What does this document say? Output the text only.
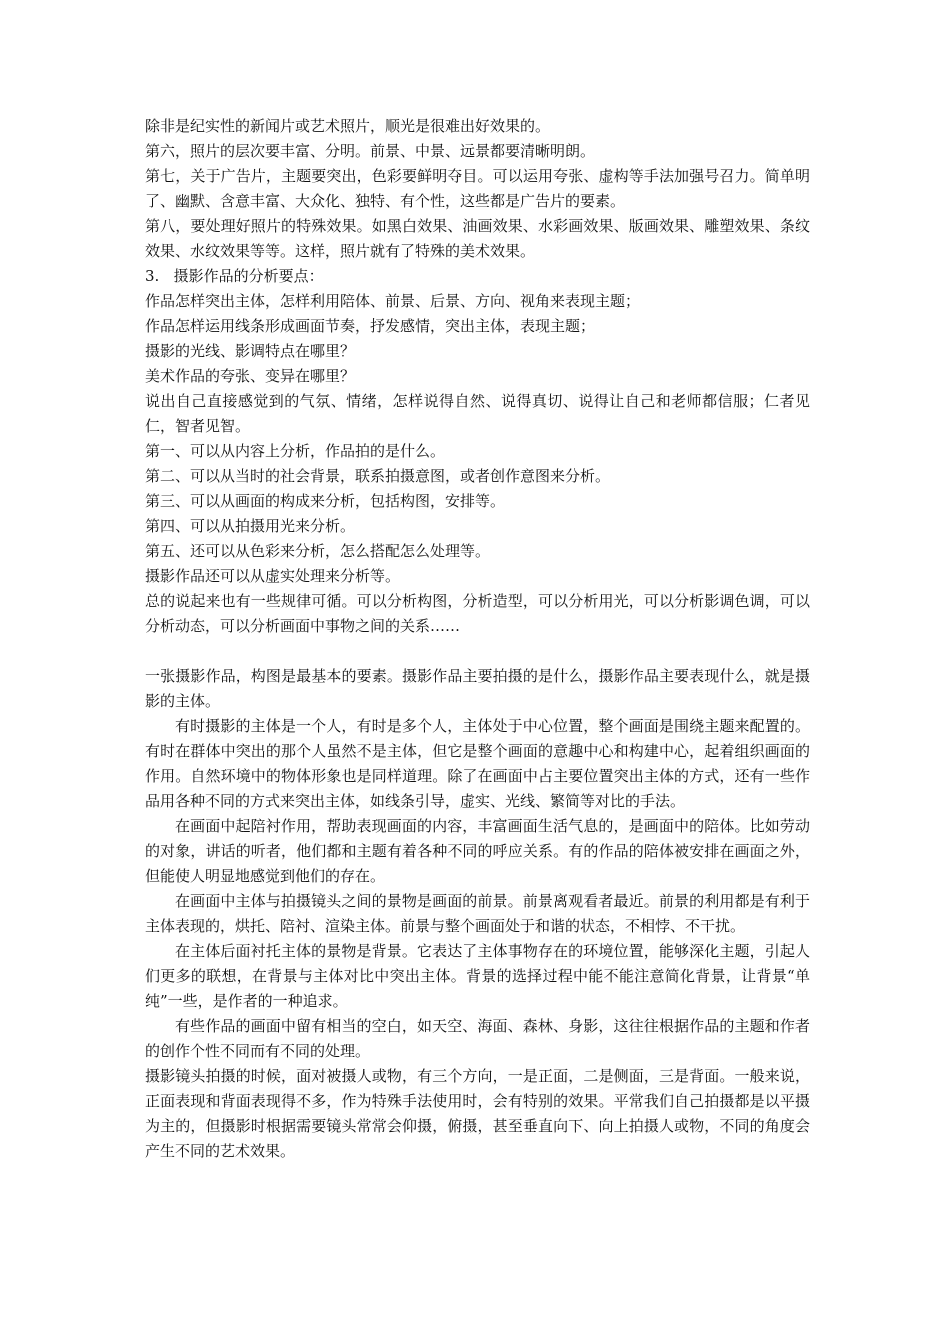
除非是纪实性的新闻片或艺术照片，顺光是很难出好效果的。

第六，照片的层次要丰富、分明。前景、中景、远景都要清晰明朗。

第七，关于广告片，主题要突出，色彩要鲜明夺目。可以运用夸张、虚构等手法加强号召力。简单明了、幽默、含意丰富、大众化、独特、有个性，这些都是广告片的要素。

第八，要处理好照片的特殊效果。如黑白效果、油画效果、水彩画效果、版画效果、雕塑效果、条纹效果、水纹效果等等。这样，照片就有了特殊的美术效果。

3.   摄影作品的分析要点：

作品怎样突出主体，怎样利用陪体、前景、后景、方向、视角来表现主题；

作品怎样运用线条形成画面节奏，抒发感情，突出主体，表现主题；

摄影的光线、影调特点在哪里？

美术作品的夸张、变异在哪里？

说出自己直接感觉到的气氛、情绪，怎样说得自然、说得真切、说得让自己和老师都信服；仁者见仁，智者见智。

第一、可以从内容上分析，作品拍的是什么。

第二、可以从当时的社会背景，联系拍摄意图，或者创作意图来分析。

第三、可以从画面的构成来分析，包括构图，安排等。

第四、可以从拍摄用光来分析。

第五、还可以从色彩来分析，怎么搭配怎么处理等。

摄影作品还可以从虚实处理来分析等。

总的说起来也有一些规律可循。可以分析构图，分析造型，可以分析用光，可以分析影调色调，可以分析动态，可以分析画面中事物之间的关系……

一张摄影作品，构图是最基本的要素。摄影作品主要拍摄的是什么，摄影作品主要表现什么，就是摄影的主体。

有时摄影的主体是一个人，有时是多个人，主体处于中心位置，整个画面是围绕主题来配置的。有时在群体中突出的那个人虽然不是主体，但它是整个画面的意趣中心和构建中心，起着组织画面的作用。自然环境中的物体形象也是同样道理。除了在画面中占主要位置突出主体的方式，还有一些作品用各种不同的方式来突出主体，如线条引导，虚实、光线、繁简等对比的手法。

在画面中起陪衬作用，帮助表现画面的内容，丰富画面生活气息的，是画面中的陪体。比如劳动的对象，讲话的听者，他们都和主题有着各种不同的呼应关系。有的作品的陪体被安排在画面之外，但能使人明显地感觉到他们的存在。

在画面中主体与拍摄镜头之间的景物是画面的前景。前景离观看者最近。前景的利用都是有利于主体表现的，烘托、陪衬、渲染主体。前景与整个画面处于和谐的状态，不相悖、不干扰。

在主体后面衬托主体的景物是背景。它表达了主体事物存在的环境位置，能够深化主题，引起人们更多的联想，在背景与主体对比中突出主体。背景的选择过程中能不能注意简化背景，让背景“单纯”一些，是作者的一种追求。

有些作品的画面中留有相当的空白，如天空、海面、森林、身影，这往往根据作品的主题和作者的创作个性不同而有不同的处理。

摄影镜头拍摄的时候，面对被摄人或物，有三个方向，一是正面，二是侧面，三是背面。一般来说，正面表现和背面表现得不多，作为特殊手法使用时，会有特别的效果。平常我们自己拍摄都是以平摄为主的，但摄影时根据需要镜头常常会仰摄，俯摄，甚至垂直向下、向上拍摄人或物，不同的角度会产生不同的艺术效果。
